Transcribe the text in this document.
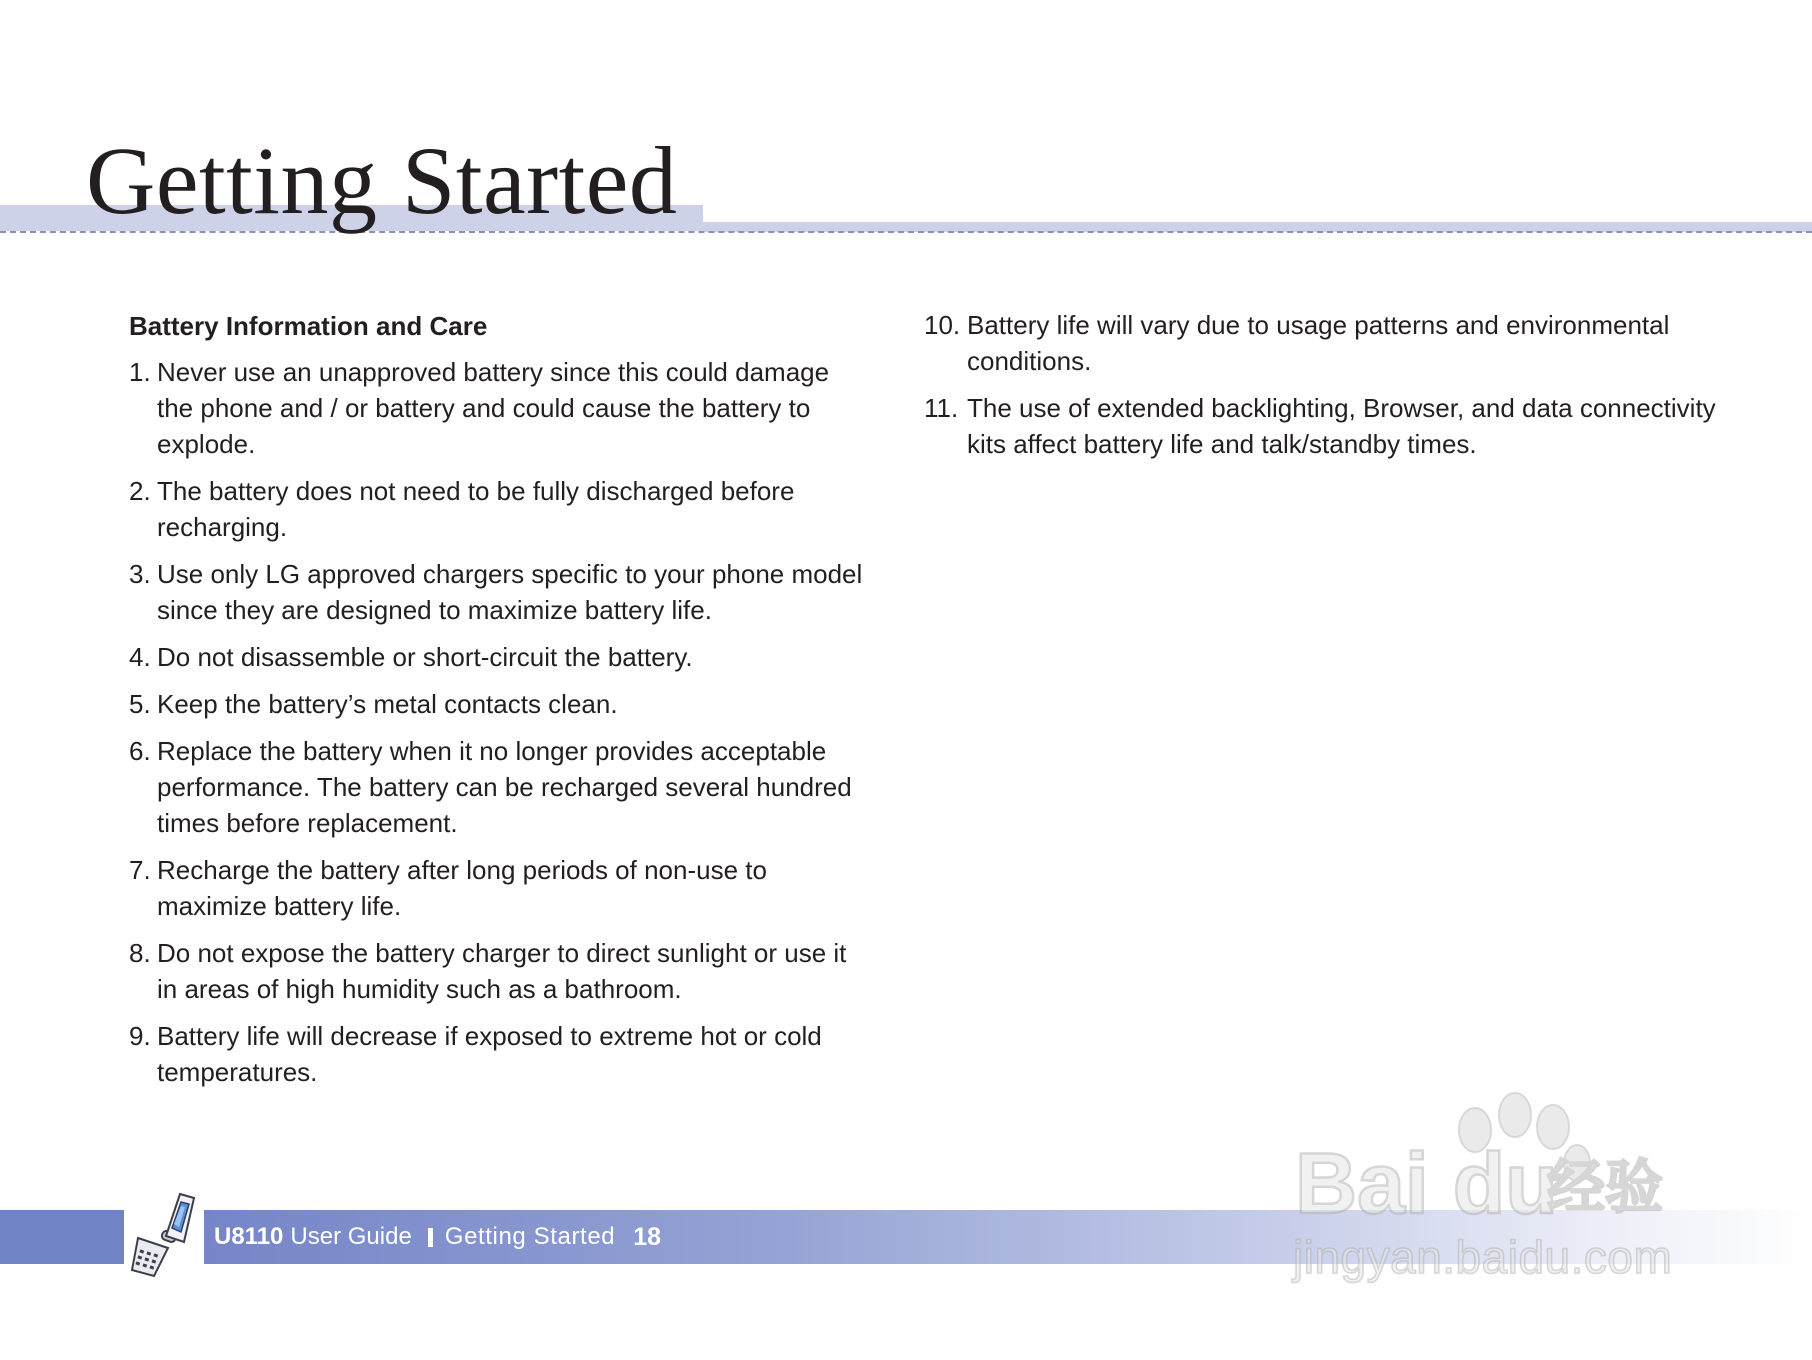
Getting Started
Battery Information and Care
1. Never use an unapproved battery since this could damage the phone and / or battery and could cause the battery to explode.
2. The battery does not need to be fully discharged before recharging.
3. Use only LG approved chargers specific to your phone model since they are designed to maximize battery life.
4. Do not disassemble or short-circuit the battery.
5. Keep the battery’s metal contacts clean.
6. Replace the battery when it no longer provides acceptable performance. The battery can be recharged several hundred times before replacement.
7. Recharge the battery after long periods of non-use to maximize battery life.
8. Do not expose the battery charger to direct sunlight or use it in areas of high humidity such as a bathroom.
9. Battery life will decrease if exposed to extreme hot or cold temperatures.
10. Battery life will vary due to usage patterns and environmental conditions.
11. The use of extended backlighting, Browser, and data connectivity kits affect battery life and talk/standby times.
U8110 User Guide Getting Started 18
Bai du
经验
jingyan.baidu.com
